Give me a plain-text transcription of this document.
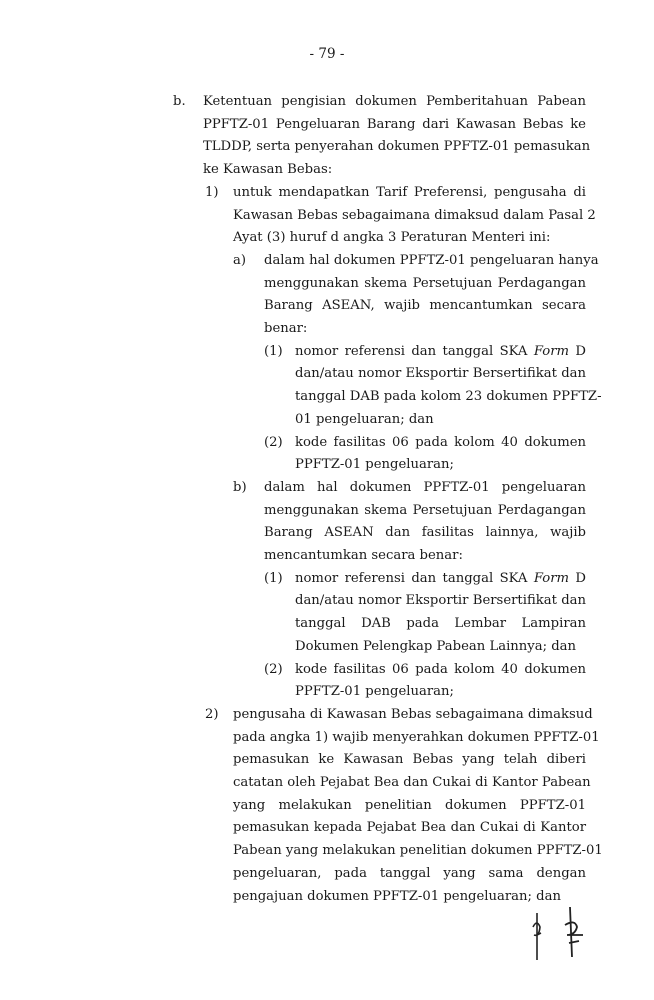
- 79 -
b. Ketentuan pengisian dokumen Pemberitahuan Pabean
PPFTZ-01 Pengeluaran Barang dari Kawasan Bebas ke
TLDDP, serta penyerahan dokumen PPFTZ-01 pemasukan
ke Kawasan Bebas:
1) untuk mendapatkan Tarif Preferensi, pengusaha di
Kawasan Bebas sebagaimana dimaksud dalam Pasal 2
Ayat (3) huruf d angka 3 Peraturan Menteri ini:
a) dalam hal dokumen PPFTZ-01 pengeluaran hanya
menggunakan skema Persetujuan Perdagangan
Barang ASEAN, wajib mencantumkan secara
benar:
(1) nomor referensi dan tanggal SKA Form D
dan/atau nomor Eksportir Bersertifikat dan
tanggal DAB pada kolom 23 dokumen PPFTZ-
01 pengeluaran; dan
(2) kode fasilitas 06 pada kolom 40 dokumen
PPFTZ-01 pengeluaran;
b) dalam hal dokumen PPFTZ-01 pengeluaran
menggunakan skema Persetujuan Perdagangan
Barang ASEAN dan fasilitas lainnya, wajib
mencantumkan secara benar:
(1) nomor referensi dan tanggal SKA Form D
dan/atau nomor Eksportir Bersertifikat dan
tanggal DAB pada Lembar Lampiran
Dokumen Pelengkap Pabean Lainnya; dan
(2) kode fasilitas 06 pada kolom 40 dokumen
PPFTZ-01 pengeluaran;
2) pengusaha di Kawasan Bebas sebagaimana dimaksud
pada angka 1) wajib menyerahkan dokumen PPFTZ-01
pemasukan ke Kawasan Bebas yang telah diberi
catatan oleh Pejabat Bea dan Cukai di Kantor Pabean
yang melakukan penelitian dokumen PPFTZ-01
pemasukan kepada Pejabat Bea dan Cukai di Kantor
Pabean yang melakukan penelitian dokumen PPFTZ-01
pengeluaran, pada tanggal yang sama dengan
pengajuan dokumen PPFTZ-01 pengeluaran; dan
